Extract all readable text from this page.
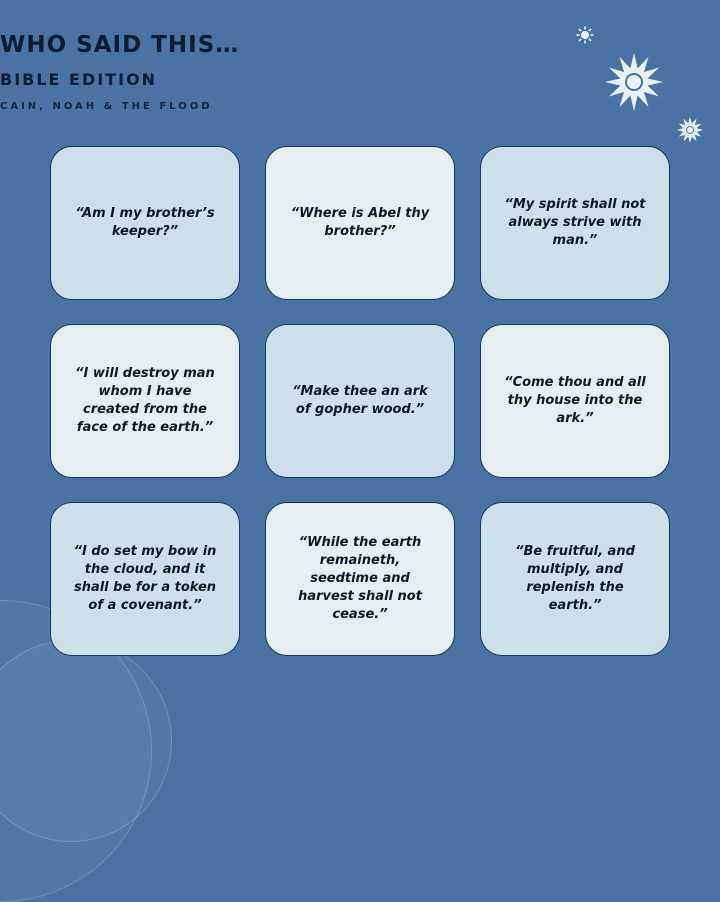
WHO SAID THIS…
BIBLE EDITION
CAIN, NOAH & THE FLOOD
“Am I my brother’s keeper?”
“Where is Abel thy brother?”
“My spirit shall not always strive with man.”
“I will destroy man whom I have created from the face of the earth.”
“Make thee an ark of gopher wood.”
“Come thou and all thy house into the ark.”
“I do set my bow in the cloud, and it shall be for a token of a covenant.”
“While the earth remaineth, seedtime and harvest shall not cease.”
“Be fruitful, and multiply, and replenish the earth.”
